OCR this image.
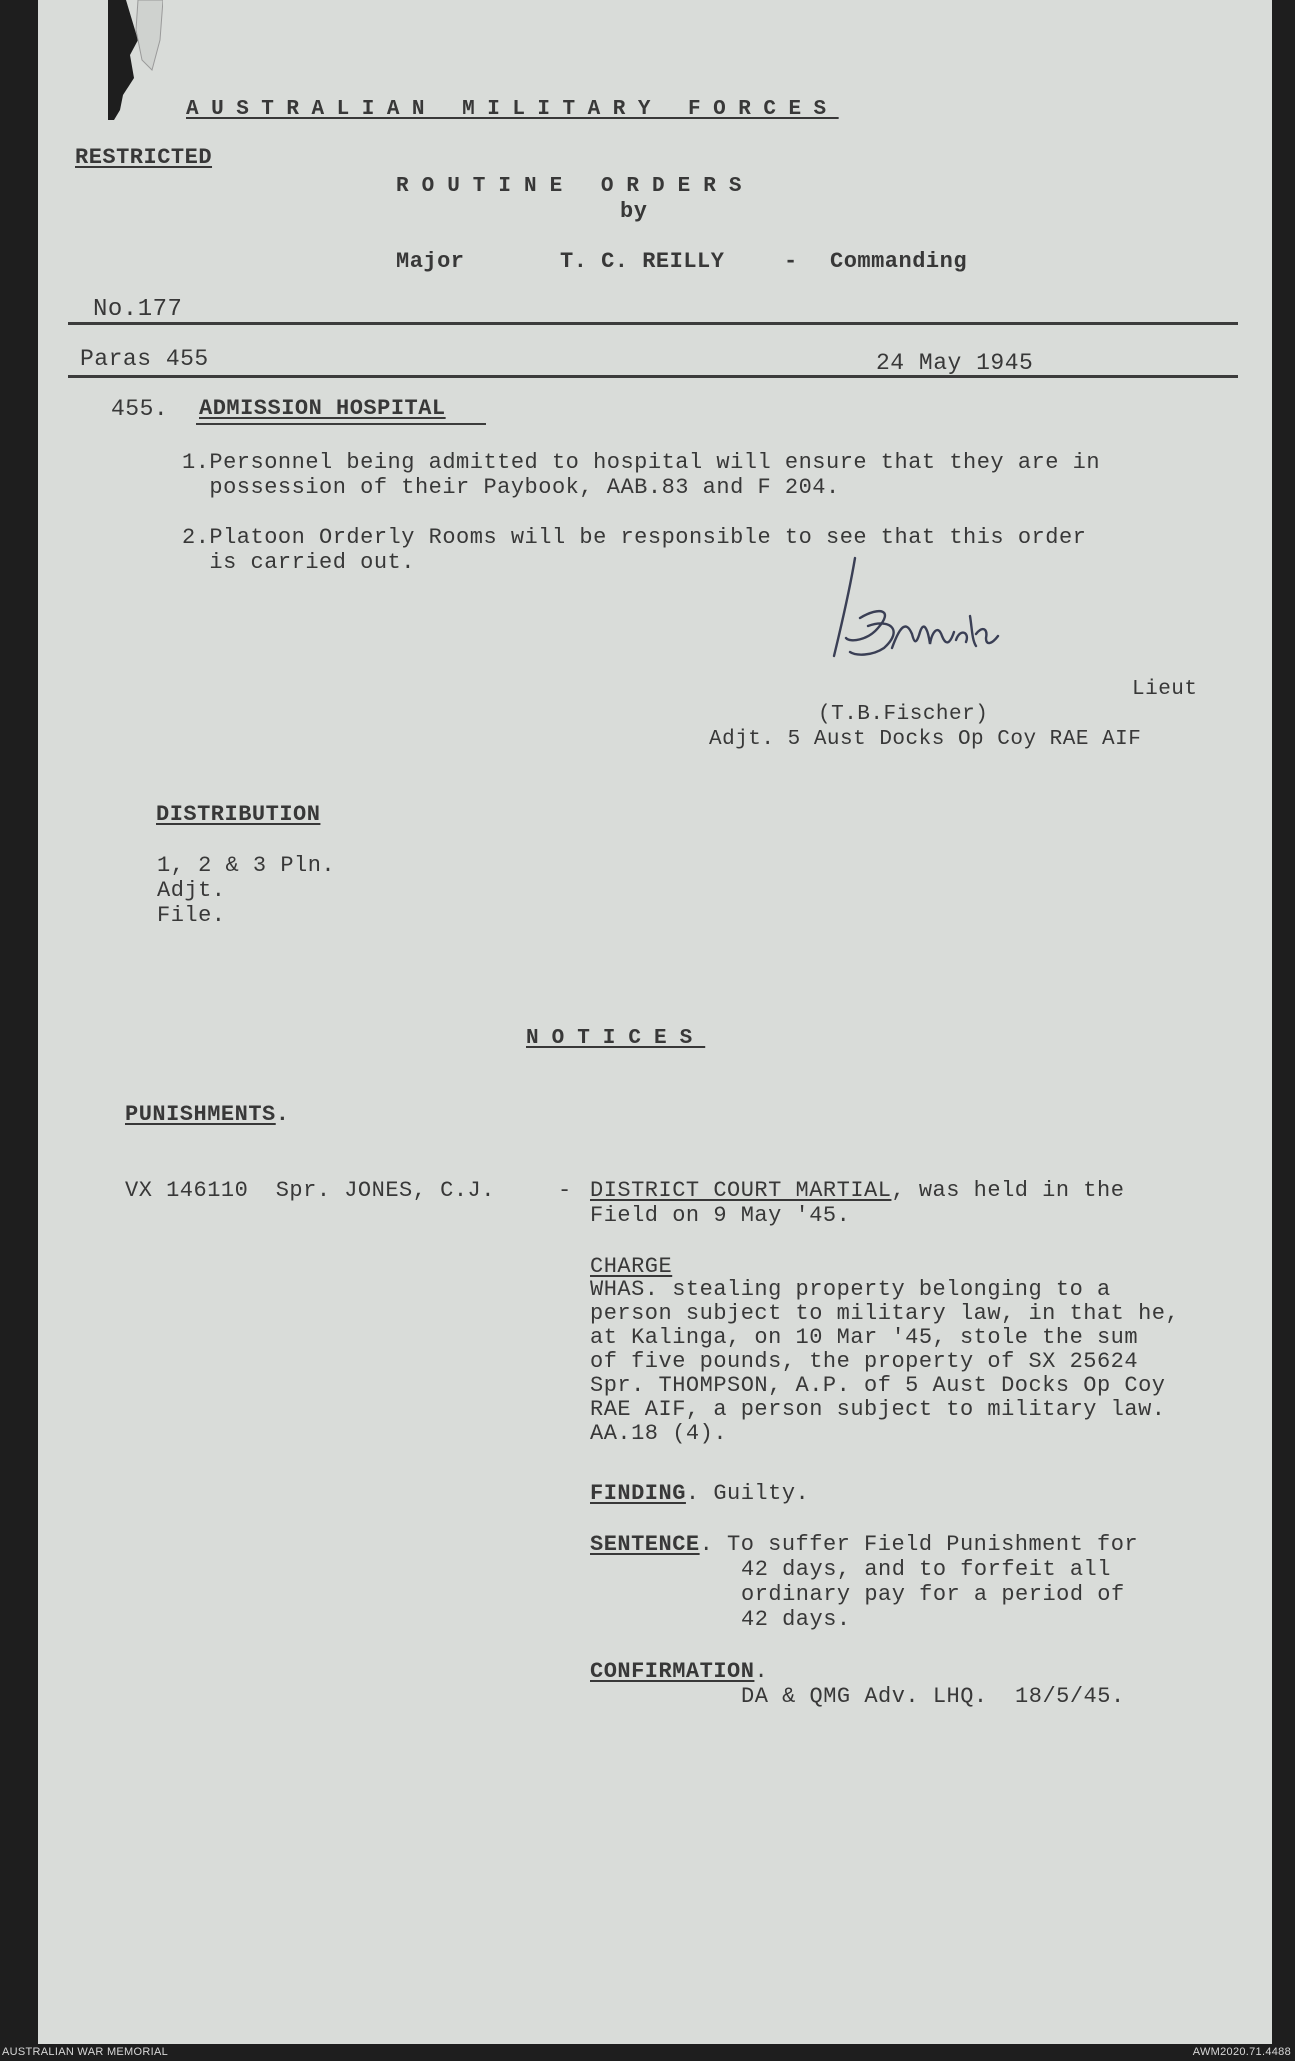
AUSTRALIAN MILITARY FORCES
RESTRICTED
ROUTINE ORDERS
by
Major	T. C. REILLY	- Commanding
No.177
Paras 455	24 May 1945
455. ADMISSION HOSPITAL
1.Personnel being admitted to hospital will ensure that they are in
possession of their Paybook, AAB.83 and F 204.
2.Platoon Orderly Rooms will be responsible to see that this order
is carried out.
Lieut
(T.B.Fischer)
Adjt. 5 Aust Docks Op Coy RAE AIF
DISTRIBUTION
1, 2 & 3 Pln.
Adjt.
File.
NOTICES
PUNISHMENTS.
VX 146110  Spr. JONES, C.J.	- DISTRICT COURT MARTIAL, was held in the
Field on 9 May '45.
CHARGE
WHAS. stealing property belonging to a
person subject to military law, in that he,
at Kalinga, on 10 Mar '45, stole the sum
of five pounds, the property of SX 25624
Spr. THOMPSON, A.P. of 5 Aust Docks Op Coy
RAE AIF, a person subject to military law.
AA.18 (4).
FINDING. Guilty.
SENTENCE. To suffer Field Punishment for
42 days, and to forfeit all
ordinary pay for a period of
42 days.
CONFIRMATION.
DA & QMG Adv. LHQ.  18/5/45.
AUSTRALIAN WAR MEMORIAL	AWM2020.71.4488
